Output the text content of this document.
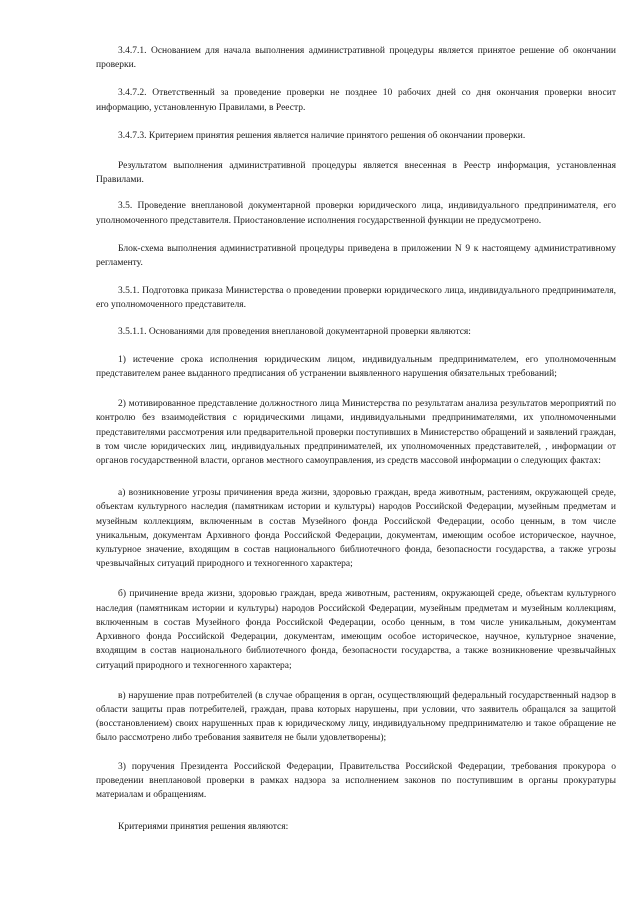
3.4.7.1. Основанием для начала выполнения административной процедуры является принятое решение об окончании проверки.

3.4.7.2. Ответственный за проведение проверки не позднее 10 рабочих дней со дня окончания проверки вносит информацию, установленную Правилами, в Реестр.

3.4.7.3. Критерием принятия решения является наличие принятого решения об окончании проверки.

Результатом выполнения административной процедуры является внесенная в Реестр информация, установленная Правилами.

3.5. Проведение внеплановой документарной проверки юридического лица, индивидуального предпринимателя, его уполномоченного представителя. Приостановление исполнения государственной функции не предусмотрено.

Блок-схема выполнения административной процедуры приведена в приложении N 9 к настоящему административному регламенту.

3.5.1. Подготовка приказа Министерства о проведении проверки юридического лица, индивидуального предпринимателя, его уполномоченного представителя.

3.5.1.1. Основаниями для проведения внеплановой документарной проверки являются:

1) истечение срока исполнения юридическим лицом, индивидуальным предпринимателем, его уполномоченным представителем ранее выданного предписания об устранении выявленного нарушения обязательных требований;

2) мотивированное представление должностного лица Министерства по результатам анализа результатов мероприятий по контролю без взаимодействия с юридическими лицами, индивидуальными предпринимателями, их уполномоченными представителями рассмотрения или предварительной проверки поступивших в Министерство обращений и заявлений граждан, в том числе юридических лиц, индивидуальных предпринимателей, их уполномоченных представителей, , информации от органов государственной власти, органов местного самоуправления, из средств массовой информации о следующих фактах:

а) возникновение угрозы причинения вреда жизни, здоровью граждан, вреда животным, растениям, окружающей среде, объектам культурного наследия (памятникам истории и культуры) народов Российской Федерации, музейным предметам и музейным коллекциям, включенным в состав Музейного фонда Российской Федерации, особо ценным, в том числе уникальным, документам Архивного фонда Российской Федерации, документам, имеющим особое историческое, научное, культурное значение, входящим в состав национального библиотечного фонда, безопасности государства, а также угрозы чрезвычайных ситуаций природного и техногенного характера;

б) причинение вреда жизни, здоровью граждан, вреда животным, растениям, окружающей среде, объектам культурного наследия (памятникам истории и культуры) народов Российской Федерации, музейным предметам и музейным коллекциям, включенным в состав Музейного фонда Российской Федерации, особо ценным, в том числе уникальным, документам Архивного фонда Российской Федерации, документам, имеющим особое историческое, научное, культурное значение, входящим в состав национального библиотечного фонда, безопасности государства, а также возникновение чрезвычайных ситуаций природного и техногенного характера;

в) нарушение прав потребителей (в случае обращения в орган, осуществляющий федеральный государственный надзор в области защиты прав потребителей, граждан, права которых нарушены, при условии, что заявитель обращался за защитой (восстановлением) своих нарушенных прав к юридическому лицу, индивидуальному предпринимателю и такое обращение не было рассмотрено либо требования заявителя не были удовлетворены);

3) поручения Президента Российской Федерации, Правительства Российской Федерации, требования прокурора о проведении внеплановой проверки в рамках надзора за исполнением законов по поступившим в органы прокуратуры материалам и обращениям.

Критериями принятия решения являются:
